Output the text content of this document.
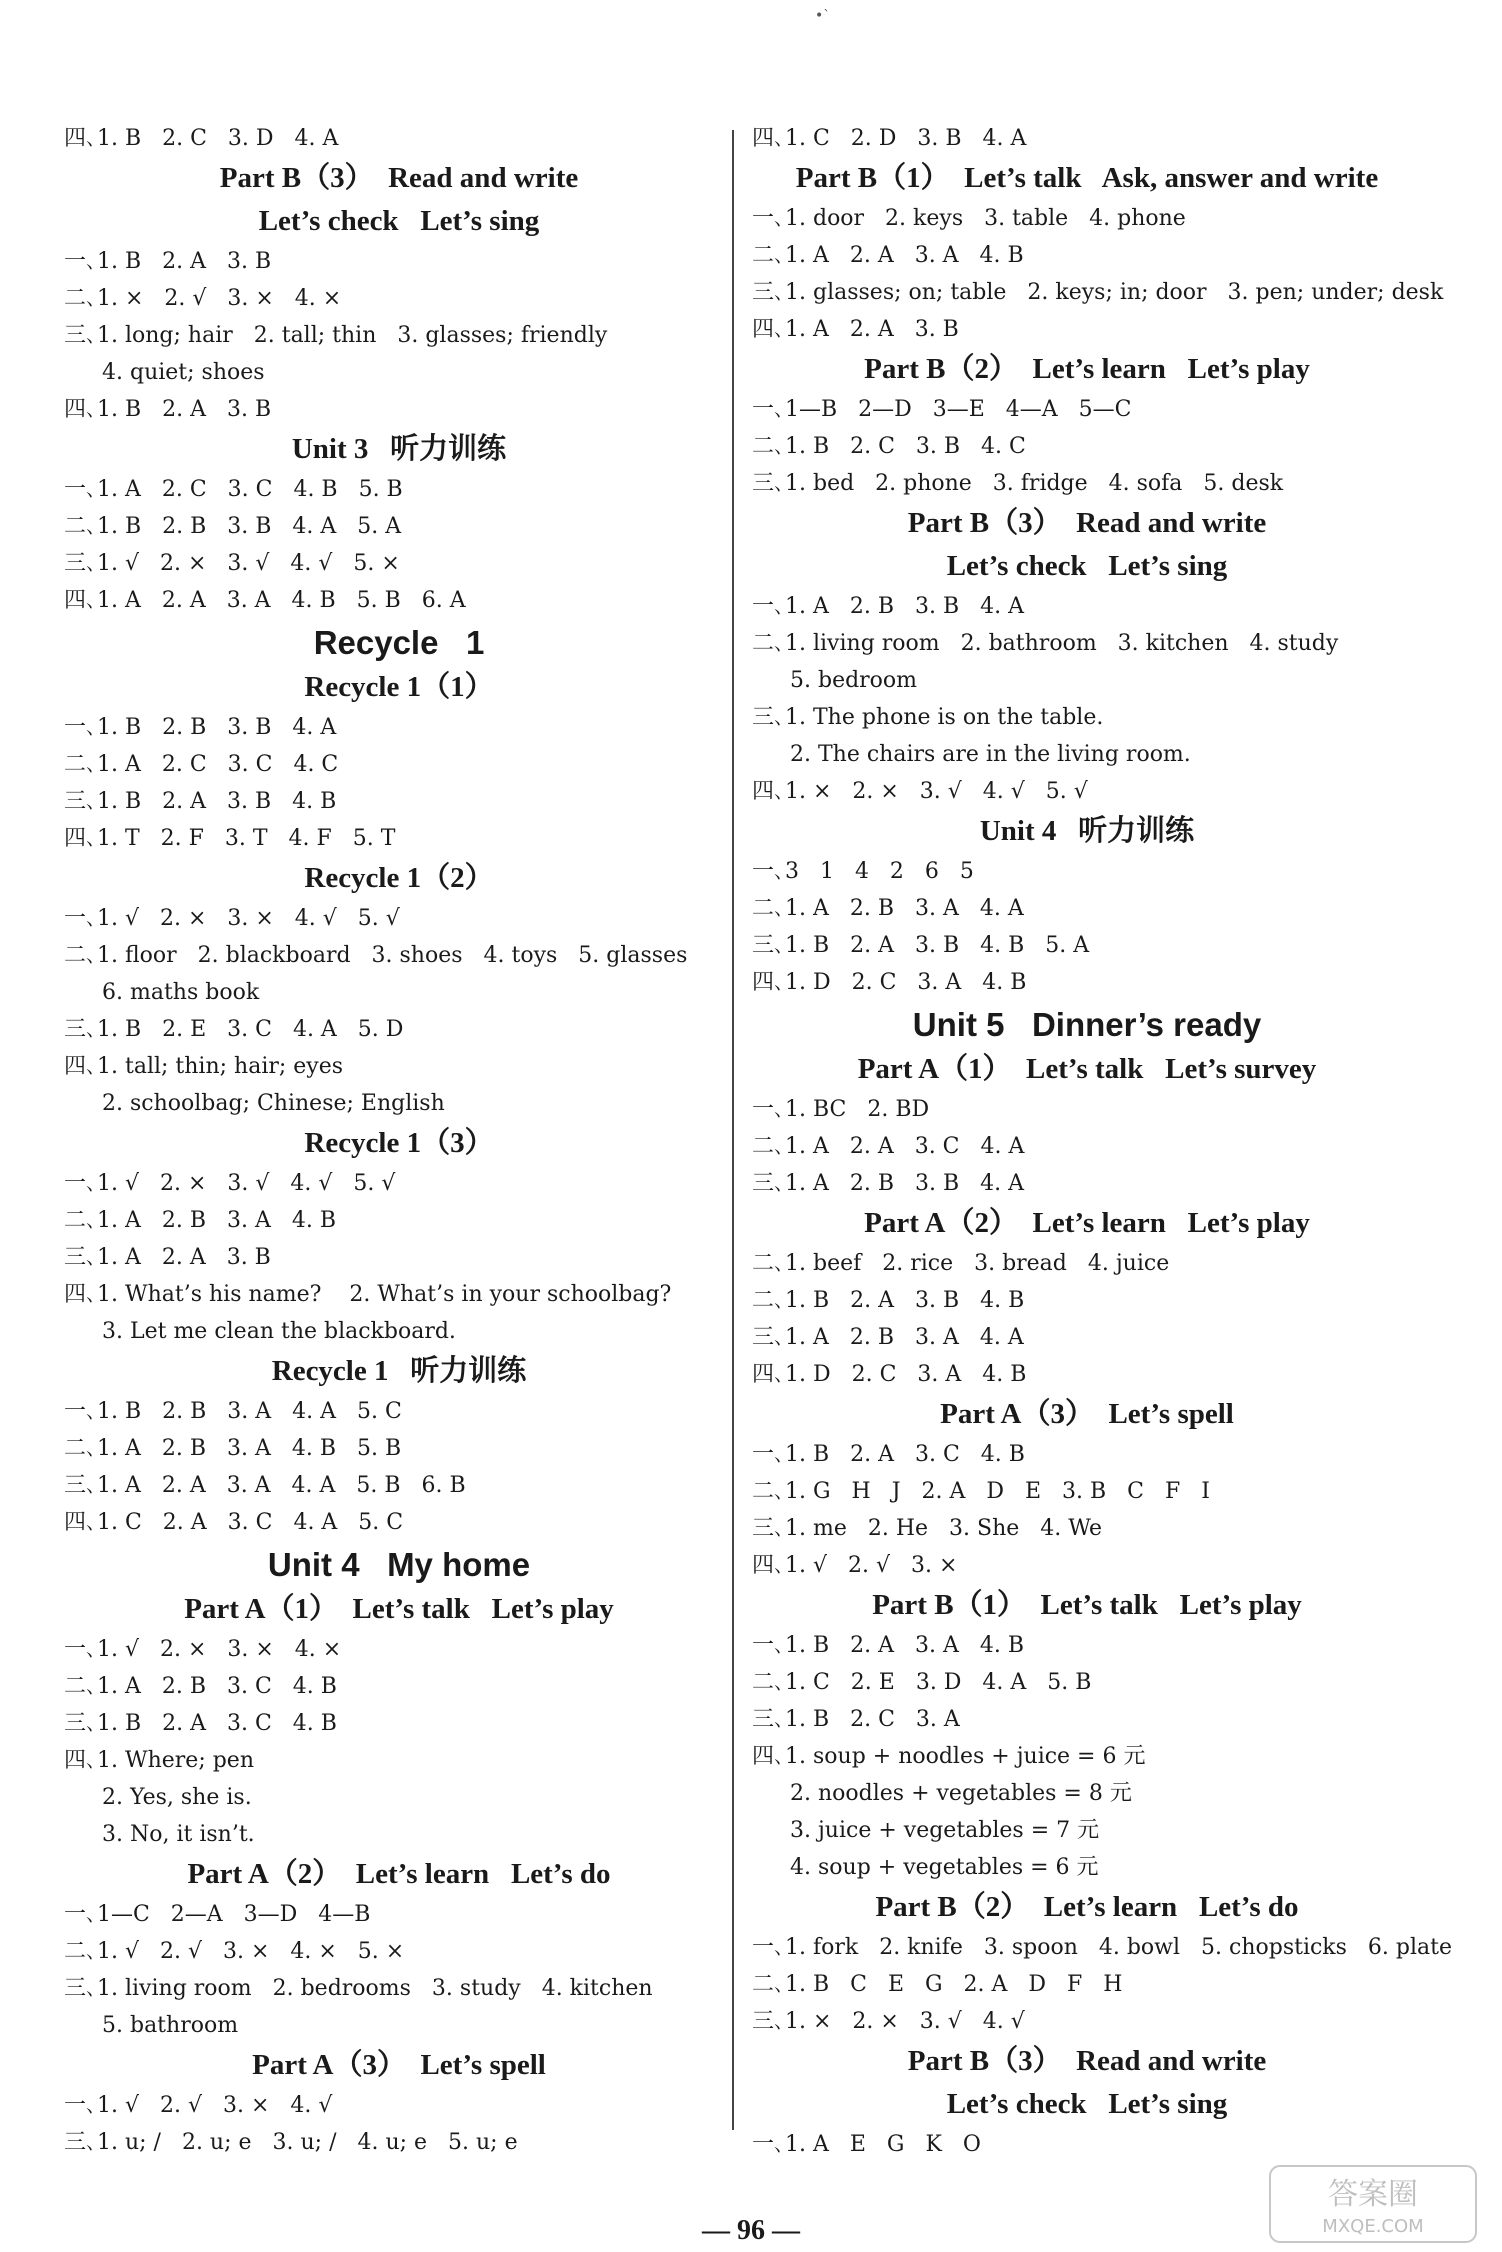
•ˋ
四､1. B   2. C   3. D   4. A
Part B（3）  Read and write
Let’s check   Let’s sing
一､1. B   2. A   3. B
二､1. ×   2. √   3. ×   4. ×
三､1. long; hair   2. tall; thin   3. glasses; friendly
4. quiet; shoes
四､1. B   2. A   3. B
Unit 3   听力训练
一､1. A   2. C   3. C   4. B   5. B
二､1. B   2. B   3. B   4. A   5. A
三､1. √   2. ×   3. √   4. √   5. ×
四､1. A   2. A   3. A   4. B   5. B   6. A
Recycle   1
Recycle 1（1）
一､1. B   2. B   3. B   4. A
二､1. A   2. C   3. C   4. C
三､1. B   2. A   3. B   4. B
四､1. T   2. F   3. T   4. F   5. T
Recycle 1（2）
一､1. √   2. ×   3. ×   4. √   5. √
二､1. floor   2. blackboard   3. shoes   4. toys   5. glasses
6. maths book
三､1. B   2. E   3. C   4. A   5. D
四､1. tall; thin; hair; eyes
2. schoolbag; Chinese; English
Recycle 1（3）
一､1. √   2. ×   3. √   4. √   5. √
二､1. A   2. B   3. A   4. B
三､1. A   2. A   3. B
四､1. What’s his name?    2. What’s in your schoolbag?
3. Let me clean the blackboard.
Recycle 1   听力训练
一､1. B   2. B   3. A   4. A   5. C
二､1. A   2. B   3. A   4. B   5. B
三､1. A   2. A   3. A   4. A   5. B   6. B
四､1. C   2. A   3. C   4. A   5. C
Unit 4   My home
Part A（1）  Let’s talk   Let’s play
一､1. √   2. ×   3. ×   4. ×
二､1. A   2. B   3. C   4. B
三､1. B   2. A   3. C   4. B
四､1. Where; pen
2. Yes, she is.
3. No, it isn’t.
Part A（2）  Let’s learn   Let’s do
一､1—C   2—A   3—D   4—B
二､1. √   2. √   3. ×   4. ×   5. ×
三､1. living room   2. bedrooms   3. study   4. kitchen
5. bathroom
Part A（3）  Let’s spell
一､1. √   2. √   3. ×   4. √
三､1. u; /   2. u; e   3. u; /   4. u; e   5. u; e
四､1. C   2. D   3. B   4. A
Part B（1）  Let’s talk   Ask, answer and write
一､1. door   2. keys   3. table   4. phone
二､1. A   2. A   3. A   4. B
三､1. glasses; on; table   2. keys; in; door   3. pen; under; desk
四､1. A   2. A   3. B
Part B（2）  Let’s learn   Let’s play
一､1—B   2—D   3—E   4—A   5—C
二､1. B   2. C   3. B   4. C
三､1. bed   2. phone   3. fridge   4. sofa   5. desk
Part B（3）  Read and write
Let’s check   Let’s sing
一､1. A   2. B   3. B   4. A
二､1. living room   2. bathroom   3. kitchen   4. study
5. bedroom
三､1. The phone is on the table.
2. The chairs are in the living room.
四､1. ×   2. ×   3. √   4. √   5. √
Unit 4   听力训练
一､3   1   4   2   6   5
二､1. A   2. B   3. A   4. A
三､1. B   2. A   3. B   4. B   5. A
四､1. D   2. C   3. A   4. B
Unit 5   Dinner’s ready
Part A（1）  Let’s talk   Let’s survey
一､1. BC   2. BD
二､1. A   2. A   3. C   4. A
三､1. A   2. B   3. B   4. A
Part A（2）  Let’s learn   Let’s play
二､1. beef   2. rice   3. bread   4. juice
二､1. B   2. A   3. B   4. B
三､1. A   2. B   3. A   4. A
四､1. D   2. C   3. A   4. B
Part A（3）  Let’s spell
一､1. B   2. A   3. C   4. B
二､1. G   H   J   2. A   D   E   3. B   C   F   I
三､1. me   2. He   3. She   4. We
四､1. √   2. √   3. ×
Part B（1）  Let’s talk   Let’s play
一､1. B   2. A   3. A   4. B
二､1. C   2. E   3. D   4. A   5. B
三､1. B   2. C   3. A
四､1. soup + noodles + juice = 6 元
2. noodles + vegetables = 8 元
3. juice + vegetables = 7 元
4. soup + vegetables = 6 元
Part B（2）  Let’s learn   Let’s do
一､1. fork   2. knife   3. spoon   4. bowl   5. chopsticks   6. plate
二､1. B   C   E   G   2. A   D   F   H
三､1. ×   2. ×   3. √   4. √
Part B（3）  Read and write
Let’s check   Let’s sing
一､1. A   E   G   K   O
— 96 —
答案圈
MXQE.COM
